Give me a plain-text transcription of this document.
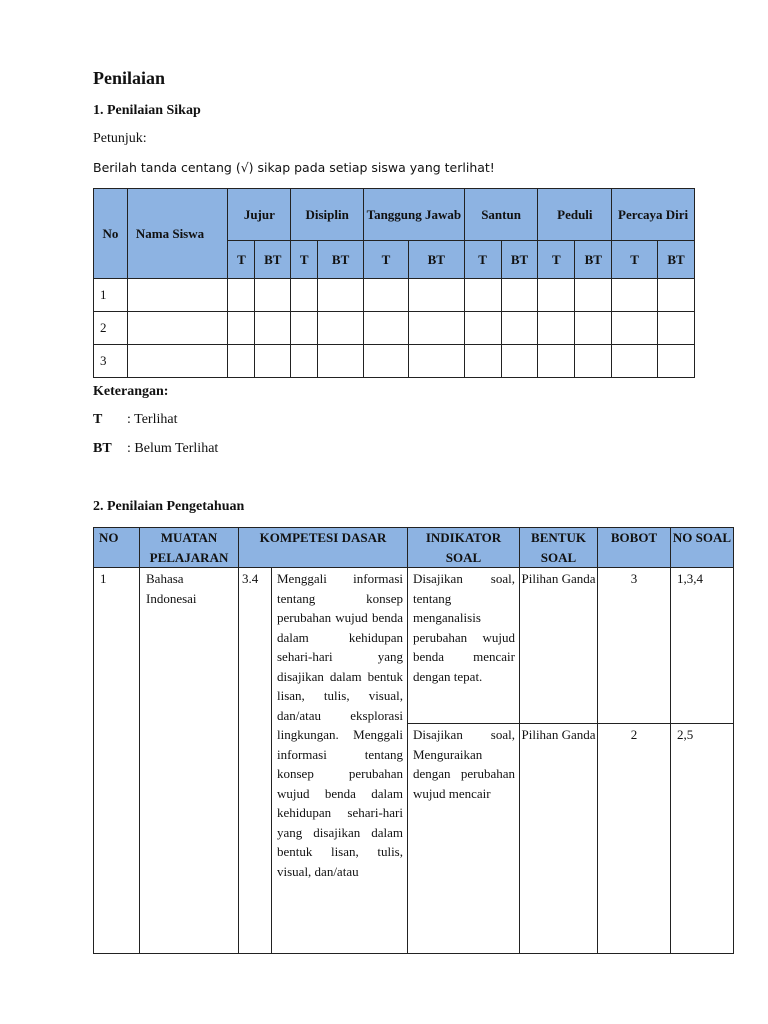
Penilaian
1. Penilaian Sikap
Petunjuk:
Berilah tanda centang (√) sikap pada setiap siswa yang terlihat!
No	Nama Siswa	Jujur		Disiplin		Tanggung Jawab		Santun		Peduli		Percaya Diri	
		T	BT	T	BT	T	BT	T	BT	T	BT	T	BT
1													
2													
3													
Keterangan:
T : Terlihat
BT : Belum Terlihat
2. Penilaian Pengetahuan
NO	MUATAN PELAJARAN	KOMPETESI DASAR		INDIKATOR SOAL	BENTUK SOAL	BOBOT	NO SOAL

1	Bahasa Indonesai	3.4	Menggali informasi tentang konsep perubahan wujud benda dalam kehidupan sehari-hari yang disajikan dalam bentuk lisan, tulis, visual, dan/atau eksplorasi lingkungan. Menggali informasi tentang konsep perubahan wujud benda dalam kehidupan sehari-hari yang disajikan dalam bentuk lisan, tulis, visual, dan/atau	Disajikan soal, tentang menganalisis perubahan wujud benda mencair dengan tepat.	Pilihan Ganda	3	1,3,4

				Disajikan soal, Menguraikan dengan perubahan wujud mencair	Pilihan Ganda	2	2,5
